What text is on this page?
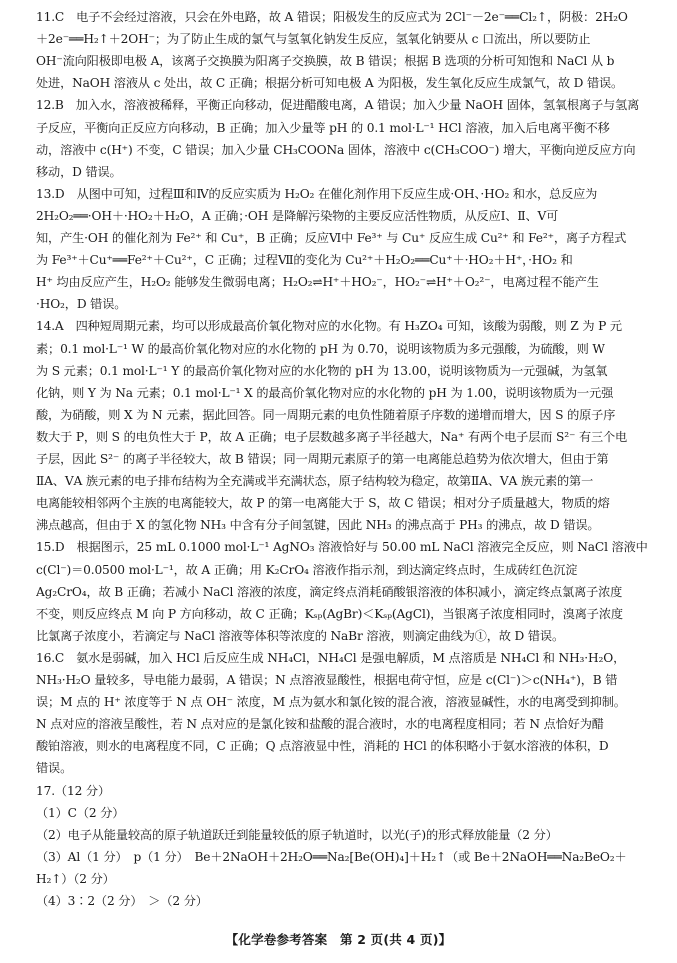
11.C　电子不会经过溶液，只会在外电路，故 A 错误；阳极发生的反应式为 2Cl⁻－2e⁻══Cl₂↑，阴极：2H₂O
＋2e⁻══H₂↑＋2OH⁻；为了防止生成的氯气与氢氧化钠发生反应，氢氧化钠要从 c 口流出，所以要防止
OH⁻流向阳极即电极 A，该离子交换膜为阳离子交换膜，故 B 错误；根据 B 选项的分析可知饱和 NaCl 从 b
处进，NaOH 溶液从 c 处出，故 C 正确；根据分析可知电极 A 为阳极，发生氧化反应生成氯气，故 D 错误。
12.B　加入水，溶液被稀释，平衡正向移动，促进醋酸电离，A 错误；加入少量 NaOH 固体，氢氧根离子与氢离
子反应，平衡向正反应方向移动，B 正确；加入少量等 pH 的 0.1 mol·L⁻¹ HCl 溶液，加入后电离平衡不移
动，溶液中 c(H⁺) 不变，C 错误；加入少量 CH₃COONa 固体，溶液中 c(CH₃COO⁻) 增大，平衡向逆反应方向
移动，D 错误。
13.D　从图中可知，过程Ⅲ和Ⅳ的反应实质为 H₂O₂ 在催化剂作用下反应生成·OH、·HO₂ 和水，总反应为
2H₂O₂══·OH＋·HO₂＋H₂O，A 正确；·OH 是降解污染物的主要反应活性物质，从反应Ⅰ、Ⅱ、Ⅴ可
知，产生·OH 的催化剂为 Fe²⁺ 和 Cu⁺，B 正确；反应Ⅵ中 Fe³⁺ 与 Cu⁺ 反应生成 Cu²⁺ 和 Fe²⁺，离子方程式
为 Fe³⁺＋Cu⁺══Fe²⁺＋Cu²⁺，C 正确；过程Ⅶ的变化为 Cu²⁺＋H₂O₂══Cu⁺＋·HO₂＋H⁺，·HO₂ 和
H⁺ 均由反应产生，H₂O₂ 能够发生微弱电离；H₂O₂⇌H⁺＋HO₂⁻，HO₂⁻⇌H⁺＋O₂²⁻，电离过程不能产生
·HO₂，D 错误。
14.A　四种短周期元素，均可以形成最高价氧化物对应的水化物。有 H₃ZO₄ 可知，该酸为弱酸，则 Z 为 P 元
素；0.1 mol·L⁻¹ W 的最高价氧化物对应的水化物的 pH 为 0.70，说明该物质为多元强酸，为硫酸，则 W
为 S 元素；0.1 mol·L⁻¹ Y 的最高价氧化物对应的水化物的 pH 为 13.00，说明该物质为一元强碱，为氢氧
化钠，则 Y 为 Na 元素；0.1 mol·L⁻¹ X 的最高价氧化物对应的水化物的 pH 为 1.00，说明该物质为一元强
酸，为硝酸，则 X 为 N 元素，据此回答。同一周期元素的电负性随着原子序数的递增而增大，因 S 的原子序
数大于 P，则 S 的电负性大于 P，故 A 正确；电子层数越多离子半径越大，Na⁺ 有两个电子层而 S²⁻ 有三个电
子层，因此 S²⁻ 的离子半径较大，故 B 错误；同一周期元素原子的第一电离能总趋势为依次增大，但由于第
ⅡA、ⅤA 族元素的电子排布结构为全充满或半充满状态，原子结构较为稳定，故第ⅡA、ⅤA 族元素的第一
电离能较相邻两个主族的电离能较大，故 P 的第一电离能大于 S，故 C 错误；相对分子质量越大，物质的熔
沸点越高，但由于 X 的氢化物 NH₃ 中含有分子间氢键，因此 NH₃ 的沸点高于 PH₃ 的沸点，故 D 错误。
15.D　根据图示，25 mL 0.1000 mol·L⁻¹ AgNO₃ 溶液恰好与 50.00 mL NaCl 溶液完全反应，则 NaCl 溶液中
c(Cl⁻)＝0.0500 mol·L⁻¹，故 A 正确；用 K₂CrO₄ 溶液作指示剂，到达滴定终点时，生成砖红色沉淀
Ag₂CrO₄，故 B 正确；若减小 NaCl 溶液的浓度，滴定终点消耗硝酸银溶液的体积减小，滴定终点氯离子浓度
不变，则反应终点 M 向 P 方向移动，故 C 正确；Kₛₚ(AgBr)＜Kₛₚ(AgCl)，当银离子浓度相同时，溴离子浓度
比氯离子浓度小，若滴定与 NaCl 溶液等体积等浓度的 NaBr 溶液，则滴定曲线为①，故 D 错误。
16.C　氨水是弱碱，加入 HCl 后反应生成 NH₄Cl，NH₄Cl 是强电解质，M 点溶质是 NH₄Cl 和 NH₃·H₂O，
NH₃·H₂O 量较多，导电能力最弱，A 错误；N 点溶液显酸性，根据电荷守恒，应是 c(Cl⁻)＞c(NH₄⁺)，B 错
误；M 点的 H⁺ 浓度等于 N 点 OH⁻ 浓度，M 点为氨水和氯化铵的混合液，溶液显碱性，水的电离受到抑制。
N 点对应的溶液呈酸性，若 N 点对应的是氯化铵和盐酸的混合液时，水的电离程度相同；若 N 点恰好为醋
酸铂溶液，则水的电离程度不同，C 正确；Q 点溶液显中性，消耗的 HCl 的体积略小于氨水溶液的体积，D
错误。
17.（12 分）
（1）C（2 分）
（2）电子从能量较高的原子轨道跃迁到能量较低的原子轨道时，以光(子)的形式释放能量（2 分）
（3）Al（1 分）　p（1 分）　Be＋2NaOH＋2H₂O══Na₂[Be(OH)₄]＋H₂↑（或 Be＋2NaOH══Na₂BeO₂＋
H₂↑）（2 分）
（4）3∶2（2 分）　＞（2 分）
【化学卷参考答案　第 2 页(共 4 页)】
